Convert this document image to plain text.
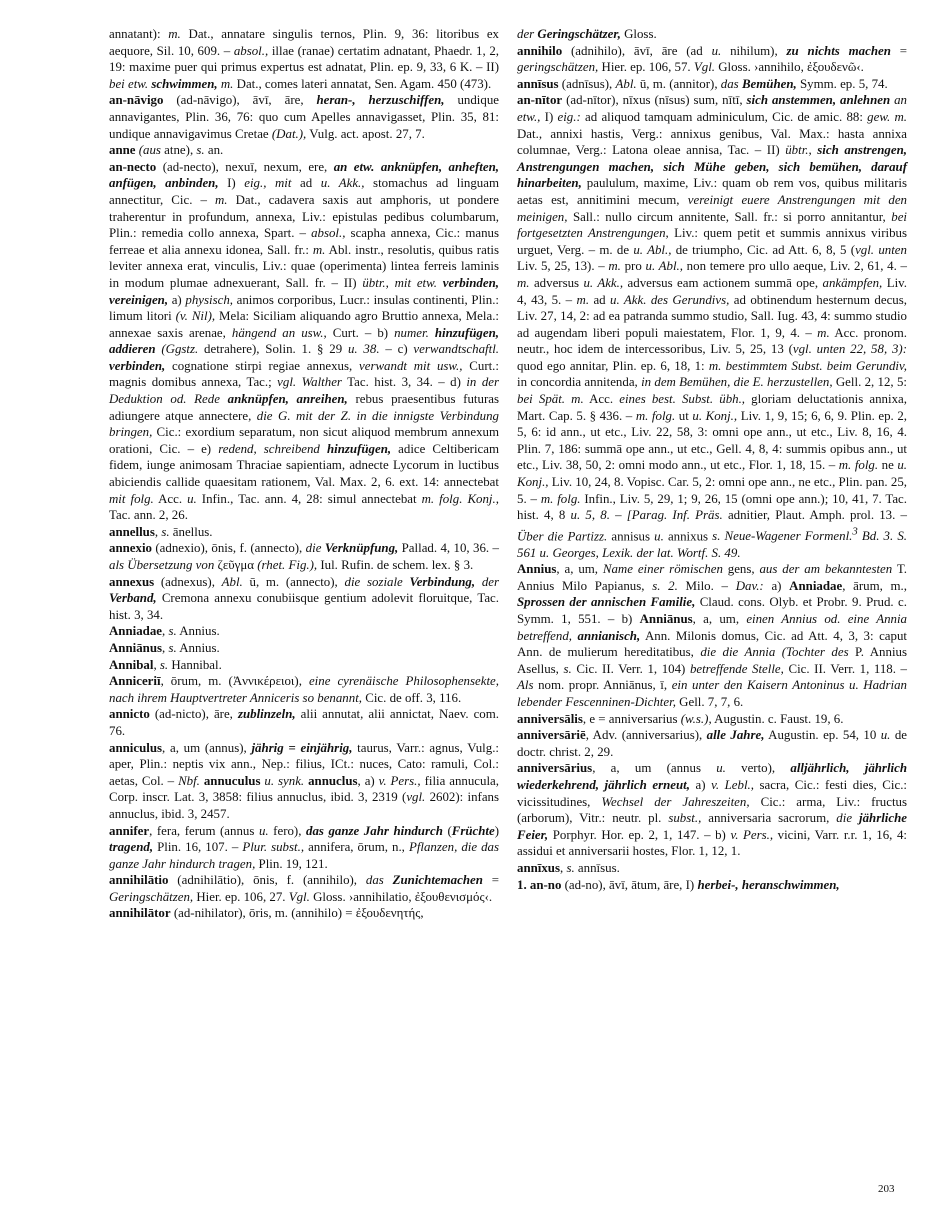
annatant): m. Dat., annatare singulis ternos, Plin. 9, 36: litoribus ex aequore, Sil. 10, 609. – absol., illae (ranae) certatim adnatant, Phaedr. 1, 2, 19: maxime puer qui primus expertus est adnatat, Plin. ep. 9, 33, 6 K. – II) bei etw. schwimmen, m. Dat., comes lateri annatat, Sen. Agam. 450 (473).

an-nāvigo (ad-nāvigo), āvī, āre, heran-, herzuschiffen, undique annavigantes, Plin. 36, 76: quo cum Apelles annavigasset, Plin. 35, 81: undique annavigavimus Cretae (Dat.), Vulg. act. apost. 27, 7.

anne (aus atne), s. an.

an-necto (ad-necto), nexuī, nexum, ere, an etw. anknüpfen, anheften, anfügen, anbinden, I) eig., mit ad u. Akk., stomachus ad linguam annectitur, Cic. – m. Dat., cadavera saxis aut amphoris, ut pondere traherentur in profundum, annexa, Liv.: epistulas pedibus columbarum, Plin.: remedia collo annexa, Spart. – absol., scapha annexa, Cic.: manus ferreae et alia annexu idonea, Sall. fr.: m. Abl. instr., resolutis, quibus ratis leviter annexa erat, vinculis, Liv.: quae (operimenta) lintea ferreis laminis in modum plumae adnexuerant, Sall. fr. – II) übtr., mit etw. verbinden, vereinigen, a) physisch, animos corporibus, Lucr.: insulas continenti, Plin.: limum litori (v. Nil), Mela: Siciliam aliquando agro Bruttio annexa, Mela.: annexae saxis arenae, hängend an usw., Curt. – b) numer. hinzufügen, addieren (Ggstz. detrahere), Solin. 1. § 29 u. 38. – c) verwandtschaftl. verbinden, cognatione stirpi regiae annexus, verwandt mit usw., Curt.: magnis domibus annexa, Tac.; vgl. Walther Tac. hist. 3, 34. – d) in der Deduktion od. Rede anknüpfen, anreihen, rebus praesentibus futuras adiungere atque annectere, die G. mit der Z. in die innigste Verbindung bringen, Cic.: exordium separatum, non sicut aliquod membrum annexum orationi, Cic. – e) redend, schreibend hinzufügen, adice Celtibericam fidem, iunge animosam Thraciae sapientiam, adnecte Lycorum in luctibus abiciendis callide quaesitam rationem, Val. Max. 2, 6. ext. 14: annectebat mit folg. Acc. u. Infin., Tac. ann. 4, 28: simul annectebat m. folg. Konj., Tac. ann. 2, 26.

annellus, s. ānellus.

annexio (adnexio), ōnis, f. (annecto), die Verknüpfung, Pallad. 4, 10, 36. – als Übersetzung von ζεῦγμα (rhet. Fig.), Iul. Rufin. de schem. lex. § 3.

annexus (adnexus), Abl. ū, m. (annecto), die soziale Verbindung, der Verband, Cremona annexu conubiisque gentium adolevit floruitque, Tac. hist. 3, 34.

Anniadae, s. Annius.

Anniānus, s. Annius.

Annibal, s. Hannibal.

Anniceriī, ōrum, m. (Ἀννικέρειοι), eine cyrenäische Philosophensekte, nach ihrem Hauptvertreter Anniceris so benannt, Cic. de off. 3, 116.

annicto (ad-nicto), āre, zublinzeln, alii annutat, alii annictat, Naev. com. 76.

anniculus, a, um (annus), jährig = einjährig, taurus, Varr.: agnus, Vulg.: aper, Plin.: neptis vix ann., Nep.: filius, ICt.: nuces, Cato: ramuli, Col.: aetas, Col. – Nbf. annuculus u. synk. annuclus, a) v. Pers., filia annucula, Corp. inscr. Lat. 3, 3858: filius annuclus, ibid. 3, 2319 (vgl. 2602): infans annuclus, ibid. 3, 2457.

annifer, fera, ferum (annus u. fero), das ganze Jahr hindurch (Früchte) tragend, Plin. 16, 107. – Plur. subst., annifera, ōrum, n., Pflanzen, die das ganze Jahr hindurch tragen, Plin. 19, 121.

annihilātio (adnihilātio), ōnis, f. (annihilo), das Zunichtemachen = Geringschätzen, Hier. ep. 106, 27. Vgl. Gloss. ›annihilatio, ἐξουθενισμός‹.

annihilātor (ad-nihilator), ōris, m. (annihilo) = ἐξουδενητής,

der Geringschätzer, Gloss.

annihilo (adnihilo), āvī, āre (ad u. nihilum), zu nichts machen = geringschätzen, Hier. ep. 106, 57. Vgl. Gloss. ›annihilo, ἐξουδενῶ‹.

annīsus (adnīsus), Abl. ū, m. (annitor), das Bemühen, Symm. ep. 5, 74.

an-nītor (ad-nītor), nīxus (nīsus) sum, nītī, sich anstemmen, anlehnen an etw., I) eig.: ad aliquod tamquam adminiculum, Cic. de amic. 88: gew. m. Dat., annixi hastis, Verg.: annixus genibus, Val. Max.: hasta annixa columnae, Verg.: Latona oleae annisa, Tac. – II) übtr., sich anstrengen, Anstrengungen machen, sich Mühe geben, sich bemühen, darauf hinarbeiten, paululum, maxime, Liv.: quam ob rem vos, quibus militaris aetas est, annitimini mecum, vereinigt euere Anstrengungen mit den meinigen, Sall.: nullo circum annitente, Sall. fr.: si porro annitantur, bei fortgesetzten Anstrengungen, Liv.: quem petit et summis annixus viribus urguet, Verg. – m. de u. Abl., de triumpho, Cic. ad Att. 6, 8, 5 (vgl. unten Liv. 5, 25, 13). – m. pro u. Abl., non temere pro ullo aeque, Liv. 2, 61, 4. – m. adversus u. Akk., adversus eam actionem summā ope, ankämpfen, Liv. 4, 43, 5. – m. ad u. Akk. des Gerundivs, ad obtinendum hesternum decus, Liv. 27, 14, 2: ad ea patranda summo studio, Sall. Iug. 43, 4: summo studio ad augendam liberi populi maiestatem, Flor. 1, 9, 4. – m. Acc. pronom. neutr., hoc idem de intercessoribus, Liv. 5, 25, 13 (vgl. unten 22, 58, 3): quod ego annitar, Plin. ep. 6, 18, 1: m. bestimmtem Subst. beim Gerundiv, in concordia annitenda, in dem Bemühen, die E. herzustellen, Gell. 2, 12, 5: bei Spät. m. Acc. eines best. Subst. übh., gloriam deluctationis annixa, Mart. Cap. 5. § 436. – m. folg. ut u. Konj., Liv. 1, 9, 15; 6, 6, 9. Plin. ep. 2, 5, 6: id ann., ut etc., Liv. 22, 58, 3: omni ope ann., ut etc., Liv. 8, 16, 4. Plin. 7, 186: summā ope ann., ut etc., Gell. 4, 8, 4: summis opibus ann., ut etc., Liv. 38, 50, 2: omni modo ann., ut etc., Flor. 1, 18, 15. – m. folg. ne u. Konj., Liv. 10, 24, 8. Vopisc. Car. 5, 2: omni ope ann., ne etc., Plin. pan. 25, 5. – m. folg. Infin., Liv. 5, 29, 1; 9, 26, 15 (omni ope ann.); 10, 41, 7. Tac. hist. 4, 8 u. 5, 8. – [Parag. Inf. Präs. adnitier, Plaut. Amph. prol. 13. – Über die Partizz. annisus u. annixus s. Neue-Wagener Formenl.$^3$ Bd. 3. S. 561 u. Georges, Lexik. der lat. Wortf. S. 49.

Annius, a, um, Name einer römischen gens, aus der am bekanntesten T. Annius Milo Papianus, s. 2. Milo. – Dav.: a) Anniadae, ārum, m., Sprossen der annischen Familie, Claud. cons. Olyb. et Probr. 9. Prud. c. Symm. 1, 551. – b) Anniānus, a, um, einen Annius od. eine Annia betreffend, annianisch, Ann. Milonis domus, Cic. ad Att. 4, 3, 3: caput Ann. de mulierum hereditatibus, die die Annia (Tochter des P. Annius Asellus, s. Cic. II. Verr. 1, 104) betreffende Stelle, Cic. II. Verr. 1, 118. – Als nom. propr. Anniānus, ī, ein unter den Kaisern Antoninus u. Hadrian lebender Fescenninen-Dichter, Gell. 7, 7, 6.

anniversālis, e = anniversarius (w.s.), Augustin. c. Faust. 19, 6.

anniversāriē, Adv. (anniversarius), alle Jahre, Augustin. ep. 54, 10 u. de doctr. christ. 2, 29.

anniversārius, a, um (annus u. verto), alljährlich, jährlich wiederkehrend, jährlich erneut, a) v. Lebl., sacra, Cic.: festi dies, Cic.: vicissitudines, Wechsel der Jahreszeiten, Cic.: arma, Liv.: fructus (arborum), Vitr.: neutr. pl. subst., anniversaria sacrorum, die jährliche Feier, Porphyr. Hor. ep. 2, 1, 147. – b) v. Pers., vicini, Varr. r.r. 1, 16, 4: assidui et anniversarii hostes, Flor. 1, 12, 1.

annīxus, s. annīsus.

1. an-no (ad-no), āvī, ātum, āre, I) herbei-, heranschwimmen,

203
